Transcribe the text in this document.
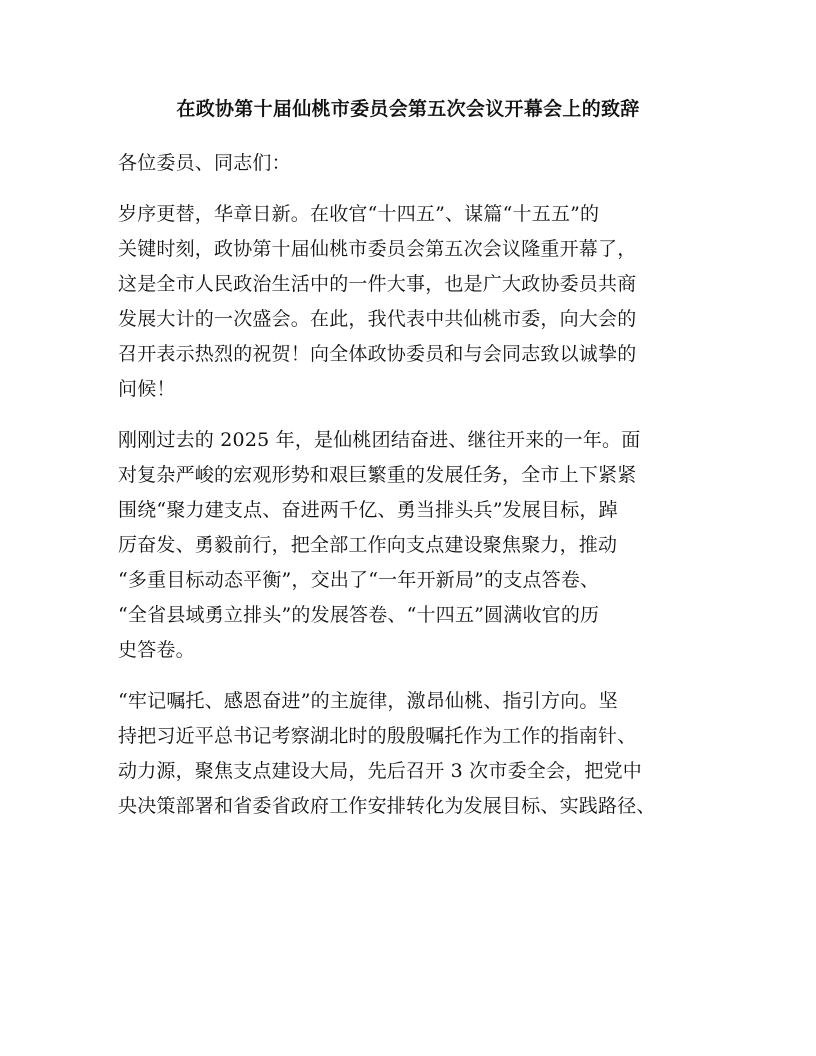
在政协第十届仙桃市委员会第五次会议开幕会上的致辞

各位委员、同志们：

岁序更替，华章日新。在收官“十四五”、谋篇“十五五”的
关键时刻，政协第十届仙桃市委员会第五次会议隆重开幕了，
这是全市人民政治生活中的一件大事，也是广大政协委员共商
发展大计的一次盛会。在此，我代表中共仙桃市委，向大会的
召开表示热烈的祝贺！向全体政协委员和与会同志致以诚挚的
问候！

刚刚过去的 2025 年，是仙桃团结奋进、继往开来的一年。面
对复杂严峻的宏观形势和艰巨繁重的发展任务，全市上下紧紧
围绕“聚力建支点、奋进两千亿、勇当排头兵”发展目标，踔
厉奋发、勇毅前行，把全部工作向支点建设聚焦聚力，推动
“多重目标动态平衡”，交出了“一年开新局”的支点答卷、
“全省县域勇立排头”的发展答卷、“十四五”圆满收官的历
史答卷。

“牢记嘱托、感恩奋进”的主旋律，激昂仙桃、指引方向。坚
持把习近平总书记考察湖北时的殷殷嘱托作为工作的指南针、
动力源，聚焦支点建设大局，先后召开 3 次市委全会，把党中
央决策部署和省委省政府工作安排转化为发展目标、实践路径、
